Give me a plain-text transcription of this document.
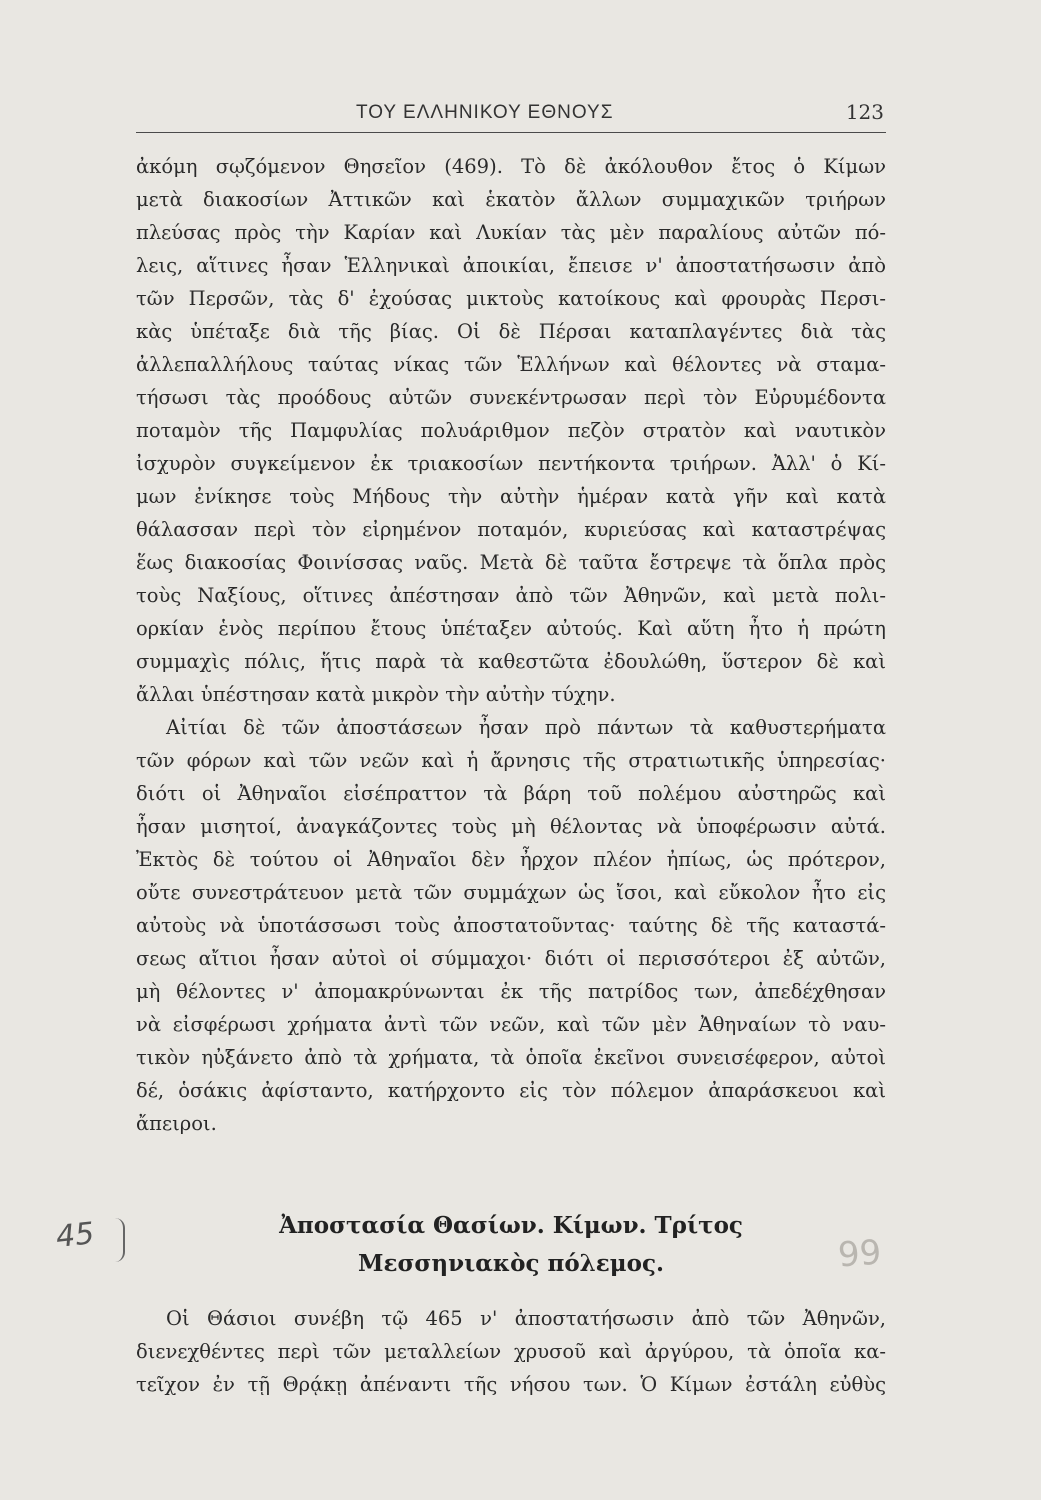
ΤΟΥ ΕΛΛΗΝΙΚΟΥ ΕΘΝΟΥΣ	123
ἀκόμη σῳζόμενον Θησεῖον (469). Τὸ δὲ ἀκόλουθον ἔτος ὁ Κίμων
μετὰ διακοσίων Ἀττικῶν καὶ ἑκατὸν ἄλλων συμμαχικῶν τριήρων
πλεύσας πρὸς τὴν Καρίαν καὶ Λυκίαν τὰς μὲν παραλίους αὐτῶν πό-
λεις, αἵτινες ἦσαν Ἑλληνικαὶ ἀποικίαι, ἔπεισε ν' ἀποστατήσωσιν ἀπὸ
τῶν Περσῶν, τὰς δ' ἐχούσας μικτοὺς κατοίκους καὶ φρουρὰς Περσι-
κὰς ὑπέταξε διὰ τῆς βίας. Οἱ δὲ Πέρσαι καταπλαγέντες διὰ τὰς
ἀλλεπαλλήλους ταύτας νίκας τῶν Ἑλλήνων καὶ θέλοντες νὰ σταμα-
τήσωσι τὰς προόδους αὐτῶν συνεκέντρωσαν περὶ τὸν Εὐρυμέδοντα
ποταμὸν τῆς Παμφυλίας πολυάριθμον πεζὸν στρατὸν καὶ ναυτικὸν
ἰσχυρὸν συγκείμενον ἐκ τριακοσίων πεντήκοντα τριήρων. Ἀλλ' ὁ Κί-
μων ἐνίκησε τοὺς Μήδους τὴν αὐτὴν ἡμέραν κατὰ γῆν καὶ κατὰ
θάλασσαν περὶ τὸν εἰρημένον ποταμόν, κυριεύσας καὶ καταστρέψας
ἕως διακοσίας Φοινίσσας ναῦς. Μετὰ δὲ ταῦτα ἔστρεψε τὰ ὅπλα πρὸς
τοὺς Ναξίους, οἵτινες ἀπέστησαν ἀπὸ τῶν Ἀθηνῶν, καὶ μετὰ πολι-
ορκίαν ἑνὸς περίπου ἔτους ὑπέταξεν αὐτούς. Καὶ αὕτη ἦτο ἡ πρώτη
συμμαχὶς πόλις, ἥτις παρὰ τὰ καθεστῶτα ἐδουλώθη, ὕστερον δὲ καὶ
ἄλλαι ὑπέστησαν κατὰ μικρὸν τὴν αὐτὴν τύχην.
Αἰτίαι δὲ τῶν ἀποστάσεων ἦσαν πρὸ πάντων τὰ καθυστερήματα
τῶν φόρων καὶ τῶν νεῶν καὶ ἡ ἄρνησις τῆς στρατιωτικῆς ὑπηρεσίας·
διότι οἱ Ἀθηναῖοι εἰσέπραττον τὰ βάρη τοῦ πολέμου αὐστηρῶς καὶ
ἦσαν μισητοί, ἀναγκάζοντες τοὺς μὴ θέλοντας νὰ ὑποφέρωσιν αὐτά.
Ἐκτὸς δὲ τούτου οἱ Ἀθηναῖοι δὲν ἦρχον πλέον ἠπίως, ὡς πρότερον,
οὔτε συνεστράτευον μετὰ τῶν συμμάχων ὡς ἴσοι, καὶ εὔκολον ἦτο εἰς
αὐτοὺς νὰ ὑποτάσσωσι τοὺς ἀποστατοῦντας· ταύτης δὲ τῆς καταστά-
σεως αἴτιοι ἦσαν αὐτοὶ οἱ σύμμαχοι· διότι οἱ περισσότεροι ἐξ αὐτῶν,
μὴ θέλοντες ν' ἀπομακρύνωνται ἐκ τῆς πατρίδος των, ἀπεδέχθησαν
νὰ εἰσφέρωσι χρήματα ἀντὶ τῶν νεῶν, καὶ τῶν μὲν Ἀθηναίων τὸ ναυ-
τικὸν ηὐξάνετο ἀπὸ τὰ χρήματα, τὰ ὁποῖα ἐκεῖνοι συνεισέφερον, αὐτοὶ
δέ, ὁσάκις ἀφίσταντο, κατήρχοντο εἰς τὸν πόλεμον ἀπαράσκευοι καὶ
ἄπειροι.
45	Ἀποστασία Θασίων. Κίμων. Τρίτος
Μεσσηνιακὸς πόλεμος.	99
Οἱ Θάσιοι συνέβη τῷ 465 ν' ἀποστατήσωσιν ἀπὸ τῶν Ἀθηνῶν,
διενεχθέντες περὶ τῶν μεταλλείων χρυσοῦ καὶ ἀργύρου, τὰ ὁποῖα κα-
τεῖχον ἐν τῇ Θρᾴκῃ ἀπέναντι τῆς νήσου των. Ὁ Κίμων ἐστάλη εὐθὺς
